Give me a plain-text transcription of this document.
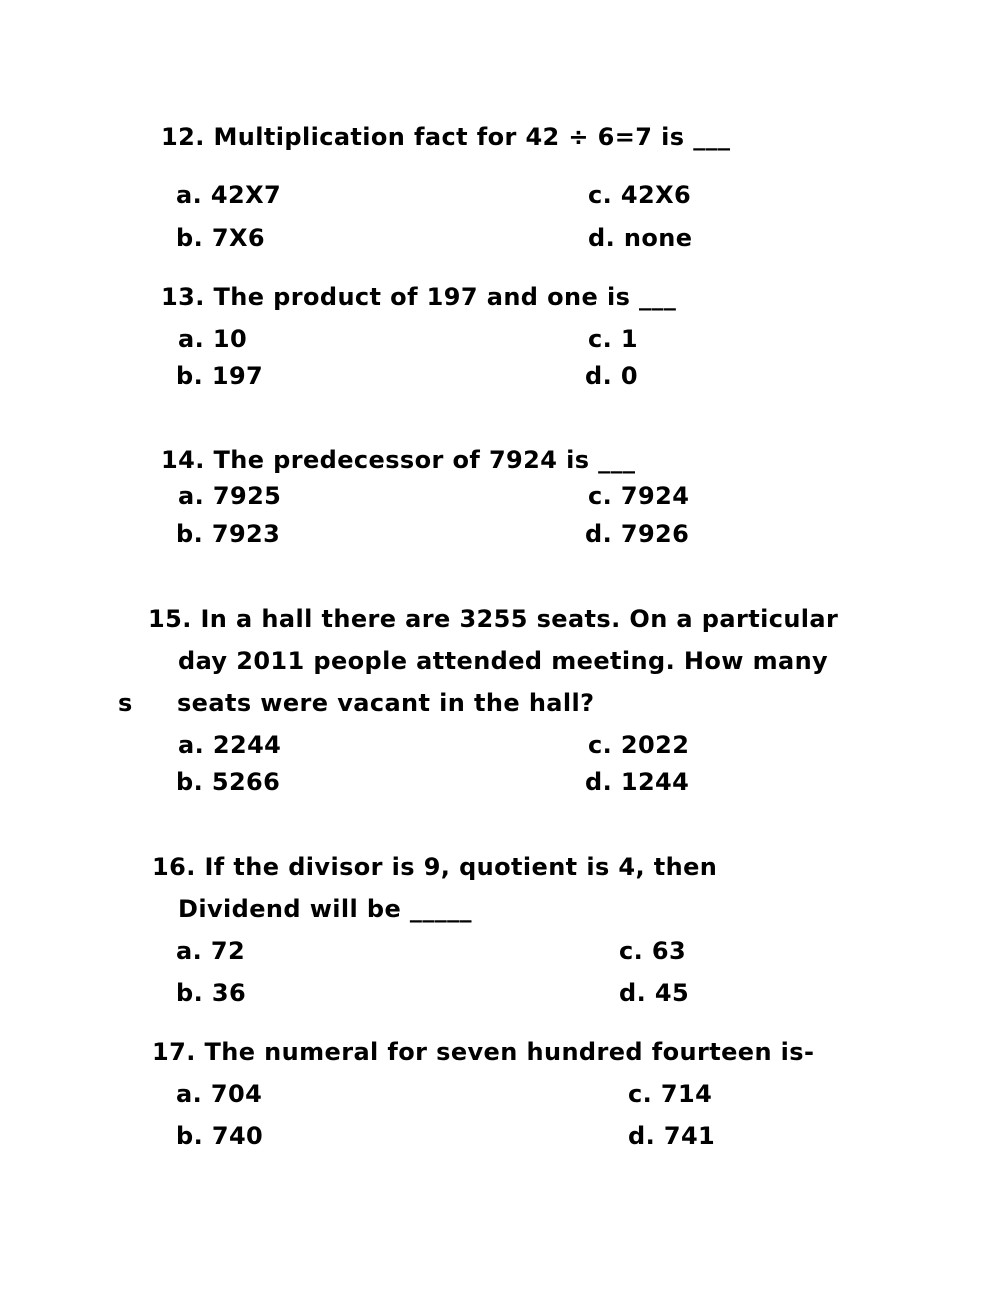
12. Multiplication fact for 42 ÷ 6=7 is ___
a. 42X7	c. 42X6
b. 7X6	d. none
13. The product of 197 and one is ___
a. 10	c. 1
b. 197	d. 0
14. The predecessor of 7924 is ___
a. 7925	c. 7924
b. 7923	d. 7926
15. In a hall there are 3255 seats. On a particular
day 2011 people attended meeting. How many
s seats were vacant in the hall?
a. 2244	c. 2022
b. 5266	d. 1244
16. If the divisor is 9, quotient is 4, then
Dividend will be _____
a. 72	c. 63
b. 36	d. 45
17. The numeral for seven hundred fourteen is-
a. 704	c. 714
b. 740	d. 741
